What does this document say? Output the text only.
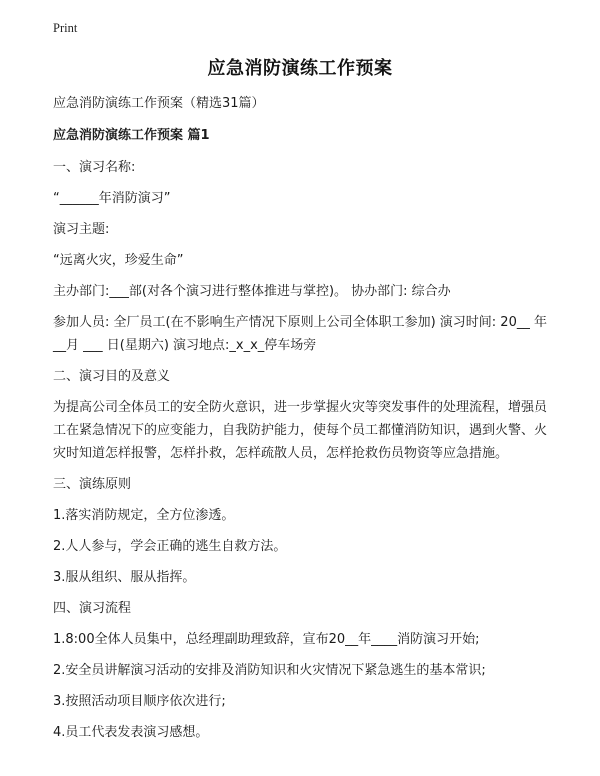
Print
应急消防演练工作预案

应急消防演练工作预案（精选31篇）

应急消防演练工作预案 篇1

一、演习名称:

“______年消防演习”

演习主题:

“远离火灾，珍爱生命”

主办部门:___部(对各个演习进行整体推进与掌控)。 协办部门: 综合办

参加人员: 全厂员工(在不影响生产情况下原则上公司全体职工参加) 演习时间: 20__ 年__月 ___ 日(星期六) 演习地点:_x_x_停车场旁

二、演习目的及意义

为提高公司全体员工的安全防火意识，进一步掌握火灾等突发事件的处理流程，增强员工在紧急情况下的应变能力，自我防护能力，使每个员工都懂消防知识，遇到火警、火灾时知道怎样报警，怎样扑救，怎样疏散人员，怎样抢救伤员物资等应急措施。

三、演练原则

1.落实消防规定，全方位渗透。

2.人人参与，学会正确的逃生自救方法。

3.服从组织、服从指挥。

四、演习流程

1.8:00全体人员集中，总经理副助理致辞，宣布20__年____消防演习开始;

2.安全员讲解演习活动的安排及消防知识和火灾情况下紧急逃生的基本常识;

3.按照活动项目顺序依次进行;

4.员工代表发表演习感想。
